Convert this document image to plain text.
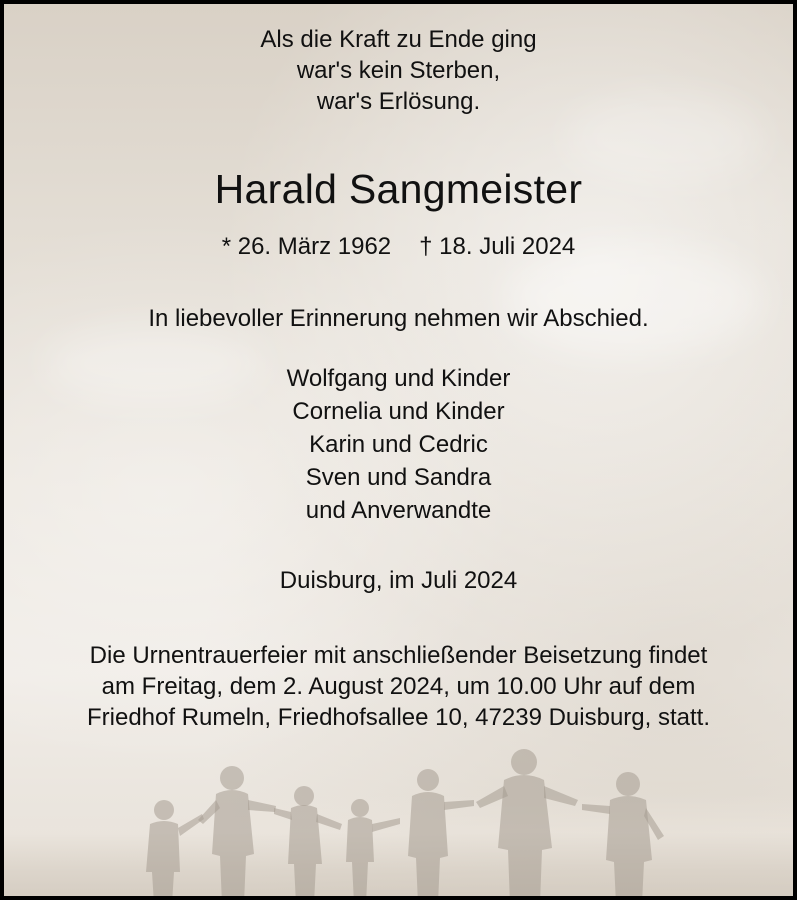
Als die Kraft zu Ende ging
war's kein Sterben,
war's Erlösung.
Harald Sangmeister
* 26. März 1962 † 18. Juli 2024
In liebevoller Erinnerung nehmen wir Abschied.
Wolfgang und Kinder
Cornelia und Kinder
Karin und Cedric
Sven und Sandra
und Anverwandte
Duisburg, im Juli 2024
Die Urnentrauerfeier mit anschließender Beisetzung findet
am Freitag, dem 2. August 2024, um 10.00 Uhr auf dem
Friedhof Rumeln, Friedhofsallee 10, 47239 Duisburg, statt.
